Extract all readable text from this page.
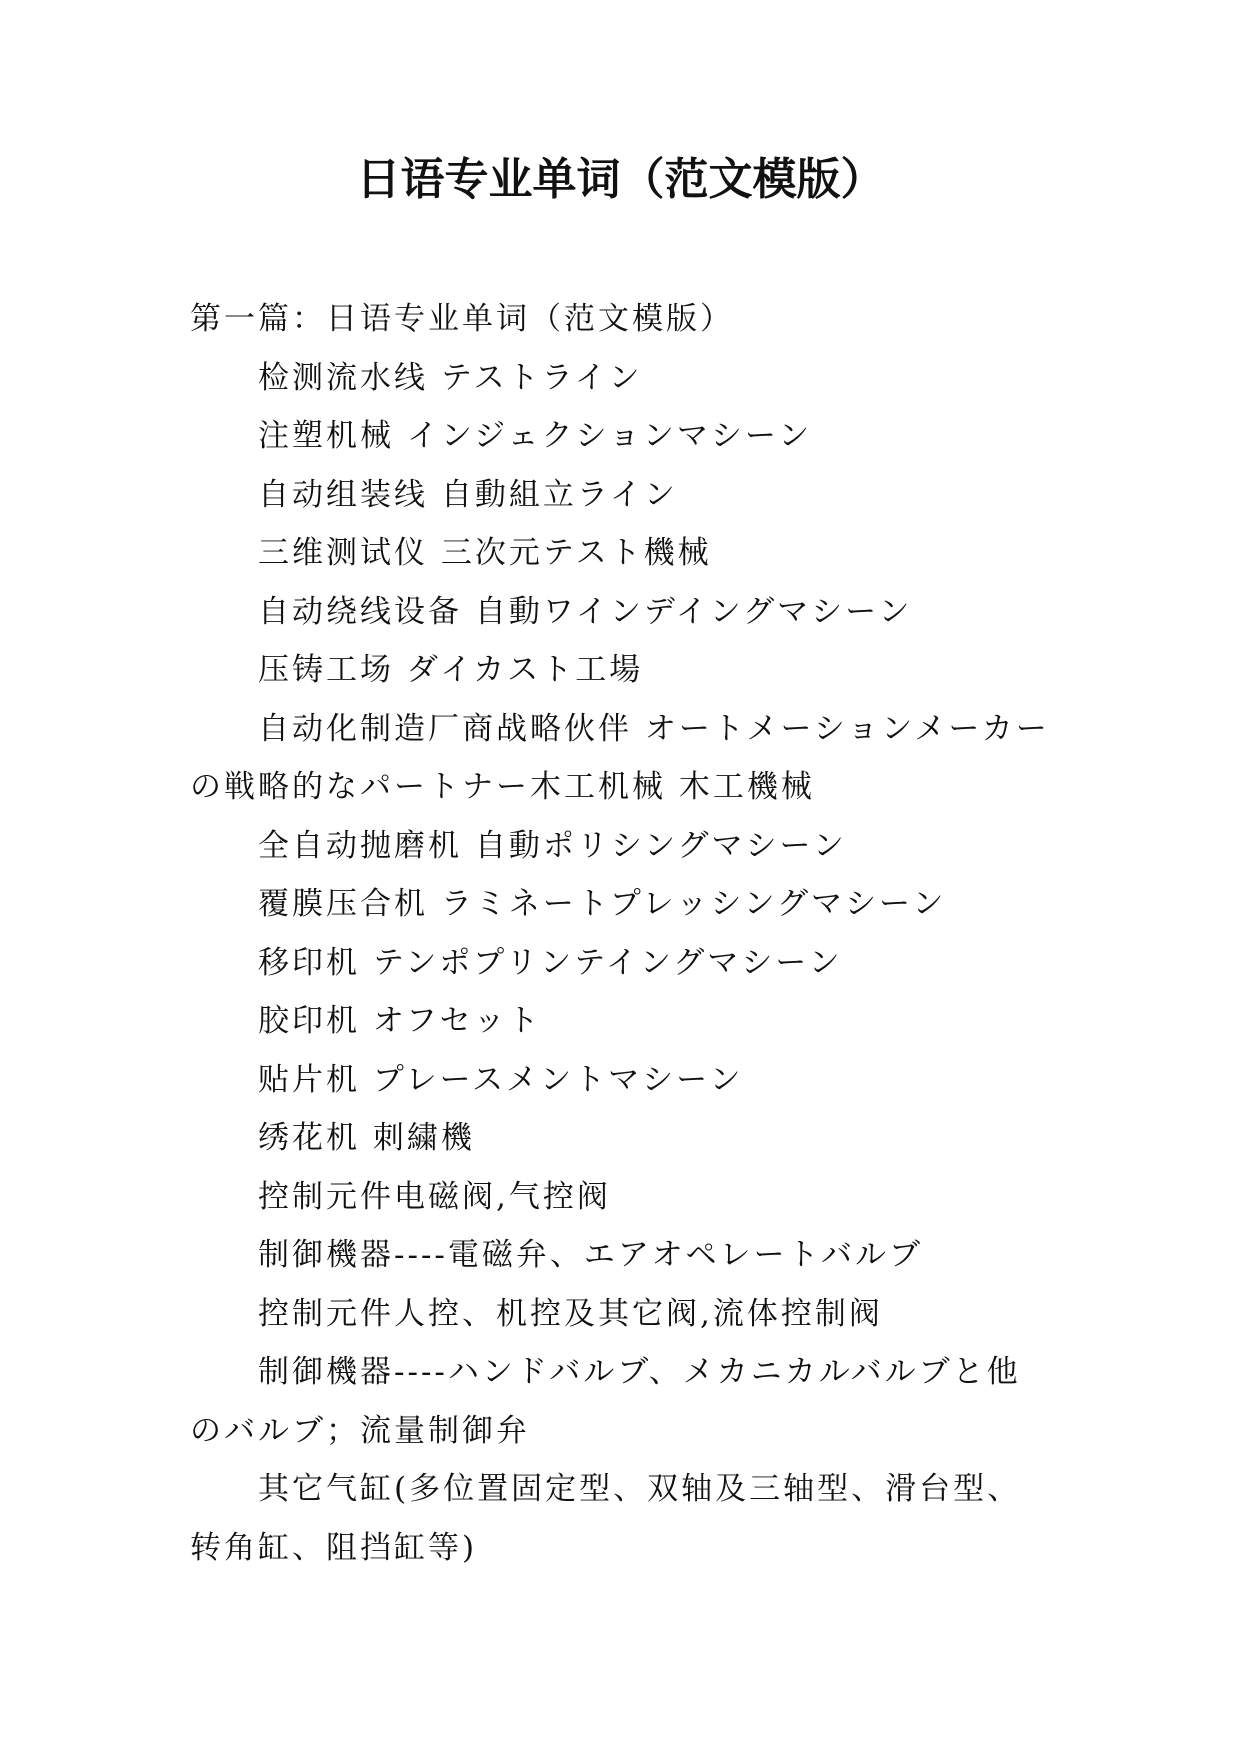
日语专业单词（范文模版）

第一篇：日语专业单词（范文模版）

检测流水线 テストライン

注塑机械 インジェクションマシーン

自动组装线 自動組立ライン

三维测试仪 三次元テスト機械

自动绕线设备 自動ワインデイングマシーン

压铸工场 ダイカスト工場

自动化制造厂商战略伙伴 オートメーションメーカーの戦略的なパートナー木工机械 木工機械

全自动抛磨机 自動ポリシングマシーン

覆膜压合机 ラミネートプレッシングマシーン

移印机 テンポプリンテイングマシーン

胶印机 オフセット

贴片机 プレースメントマシーン

绣花机 刺繍機

控制元件电磁阀,气控阀

制御機器----電磁弁、エアオペレートバルブ

控制元件人控、机控及其它阀,流体控制阀

制御機器----ハンドバルブ、メカニカルバルブと他のバルブ；流量制御弁

其它气缸(多位置固定型、双轴及三轴型、滑台型、转角缸、阻挡缸等)
